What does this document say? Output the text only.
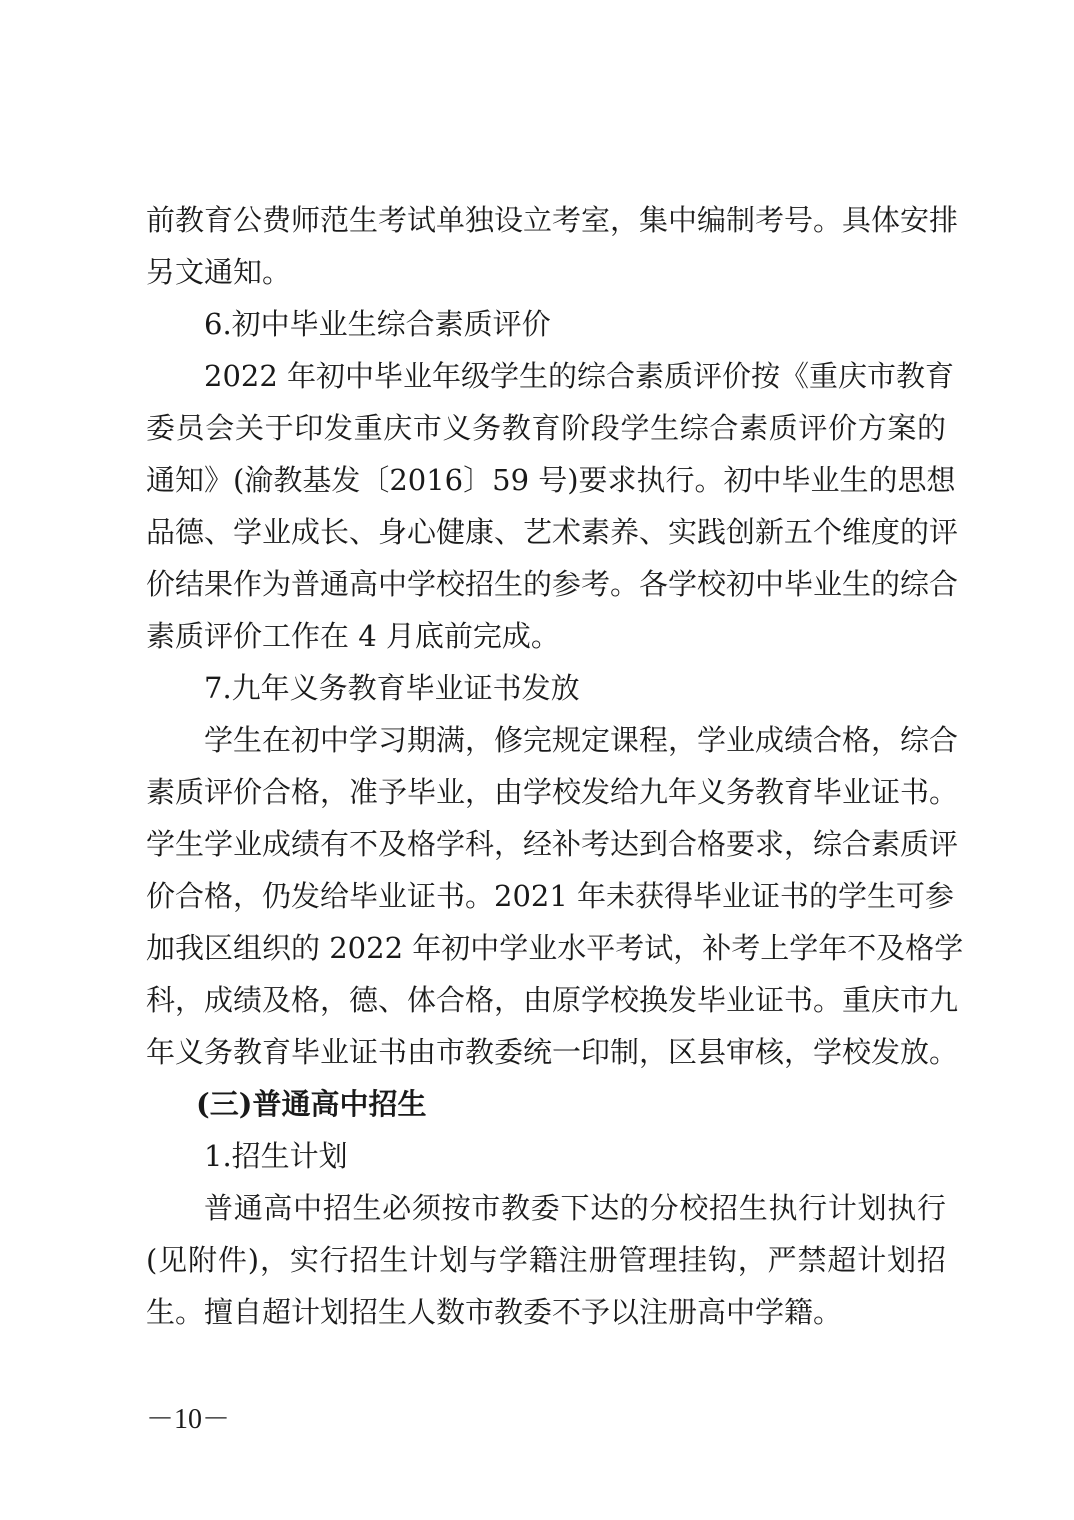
前教育公费师范生考试单独设立考室，集中编制考号。具体安排
另文通知。
6.初中毕业生综合素质评价
2022 年初中毕业年级学生的综合素质评价按《重庆市教育
委员会关于印发重庆市义务教育阶段学生综合素质评价方案的
通知》(渝教基发〔2016〕59 号)要求执行。初中毕业生的思想
品德、学业成长、身心健康、艺术素养、实践创新五个维度的评
价结果作为普通高中学校招生的参考。各学校初中毕业生的综合
素质评价工作在 4 月底前完成。
7.九年义务教育毕业证书发放
学生在初中学习期满，修完规定课程，学业成绩合格，综合
素质评价合格，准予毕业，由学校发给九年义务教育毕业证书。
学生学业成绩有不及格学科，经补考达到合格要求，综合素质评
价合格，仍发给毕业证书。2021 年未获得毕业证书的学生可参
加我区组织的 2022 年初中学业水平考试，补考上学年不及格学
科，成绩及格，德、体合格，由原学校换发毕业证书。重庆市九
年义务教育毕业证书由市教委统一印制，区县审核，学校发放。
(三)普通高中招生
1.招生计划
普通高中招生必须按市教委下达的分校招生执行计划执行
(见附件)，实行招生计划与学籍注册管理挂钩，严禁超计划招
生。擅自超计划招生人数市教委不予以注册高中学籍。
－10－
